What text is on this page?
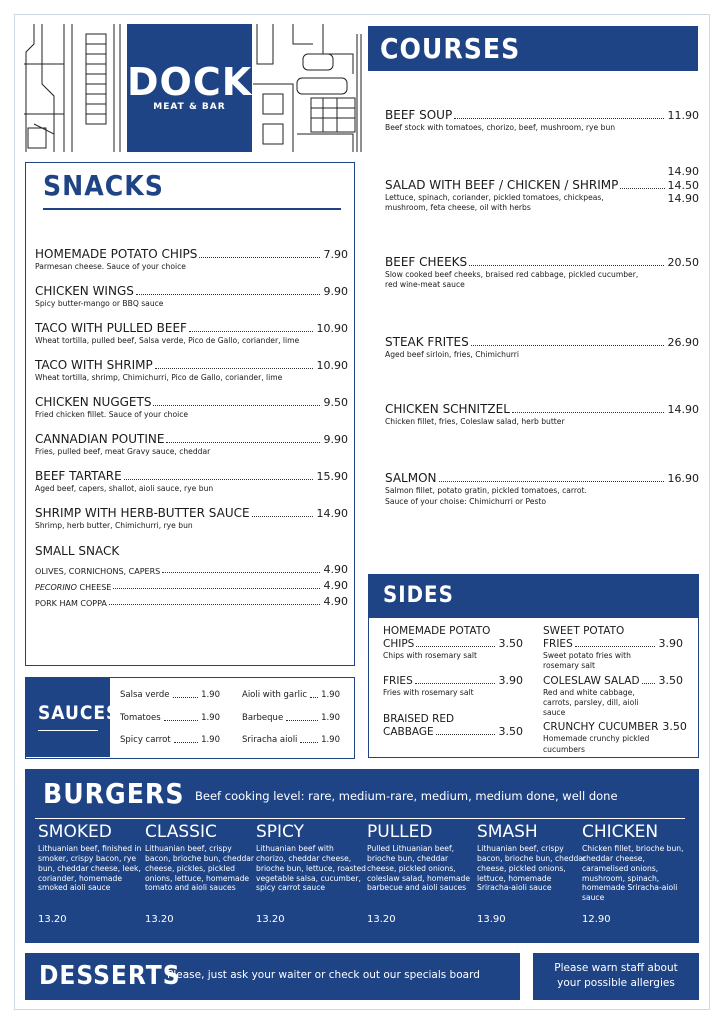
DOCK
MEAT & BAR
COURSES
BEEF SOUP	11.90
Beef stock with tomatoes, chorizo, beef, mushroom, rye bun
SALAD WITH BEEF / CHICKEN / SHRIMP
Lettuce, spinach, coriander, pickled tomatoes, chickpeas, mushroom, feta cheese, oil with herbs
14.90
14.50
14.90
BEEF CHEEKS	20.50
Slow cooked beef cheeks, braised red cabbage, pickled cucumber, red wine-meat sauce
STEAK FRITES	26.90
Aged beef sirloin, fries, Chimichurri
CHICKEN SCHNITZEL	14.90
Chicken fillet, fries, Coleslaw salad, herb butter
SALMON	16.90
Salmon fillet, potato gratin, pickled tomatoes, carrot.
Sauce of your choise: Chimichurri or Pesto
SNACKS
HOMEMADE POTATO CHIPS	7.90
Parmesan cheese. Sauce of your choice
CHICKEN WINGS	9.90
Spicy butter-mango or BBQ sauce
TACO WITH PULLED BEEF	10.90
Wheat tortilla, pulled beef, Salsa verde, Pico de Gallo, coriander, lime
TACO WITH SHRIMP	10.90
Wheat tortilla, shrimp, Chimichurri, Pico de Gallo, coriander, lime
CHICKEN NUGGETS	9.50
Fried chicken fillet. Sauce of your choice
CANNADIAN POUTINE	9.90
Fries, pulled beef, meat Gravy sauce, cheddar
BEEF TARTARE	15.90
Aged beef, capers, shallot, aioli sauce, rye bun
SHRIMP WITH HERB-BUTTER SAUCE	14.90
Shrimp, herb butter, Chimichurri, rye bun
SMALL SNACK
OLIVES, CORNICHONS, CAPERS	4.90
PECORINO CHEESE	4.90
PORK HAM COPPA	4.90
SAUCES
Salsa verde	1.90
Tomatoes	1.90
Spicy carrot	1.90
Aioli with garlic 1.90
Barbeque	1.90
Sriracha aioli	1.90
SIDES
HOMEMADE POTATO
CHIPS	3.50
Chips with rosemary salt
FRIES	3.90
Fries with rosemary salt
BRAISED RED
CABBAGE	3.50
SWEET POTATO
FRIES	3.90
Sweet potato fries with rosemary salt
COLESLAW SALAD 3.50
Red and white cabbage, carrots, parsley, dill, aioli sauce
CRUNCHY CUCUMBER 3.50
Homemade crunchy pickled cucumbers
BURGERS Beef cooking level: rare, medium-rare, medium, medium done, well done
SMOKED
Lithuanian beef, finished in smoker, crispy bacon, rye bun, cheddar cheese, leek, coriander, homemade smoked aioli sauce
13.20
CLASSIC
Lithuanian beef, crispy bacon, brioche bun, cheddar cheese, pickles, pickled onions, lettuce, homemade tomato and aioli sauces
13.20
SPICY
Lithuanian beef with chorizo, cheddar cheese, brioche bun, lettuce, roasted vegetable salsa, cucumber, spicy carrot sauce
13.20
PULLED
Pulled Lithuanian beef, brioche bun, cheddar cheese, pickled onions, coleslaw salad, homemade barbecue and aioli sauces
13.20
SMASH
Lithuanian beef, crispy bacon, brioche bun, cheddar cheese, pickled onions, lettuce, homemade Sriracha-aioli sauce
13.90
CHICKEN
Chicken fillet, brioche bun, cheddar cheese, caramelised onions, mushroom, spinach, homemade Sriracha-aioli sauce
12.90
DESSERTS
Please, just ask your waiter or check out our specials board
Please warn staff about your possible allergies
